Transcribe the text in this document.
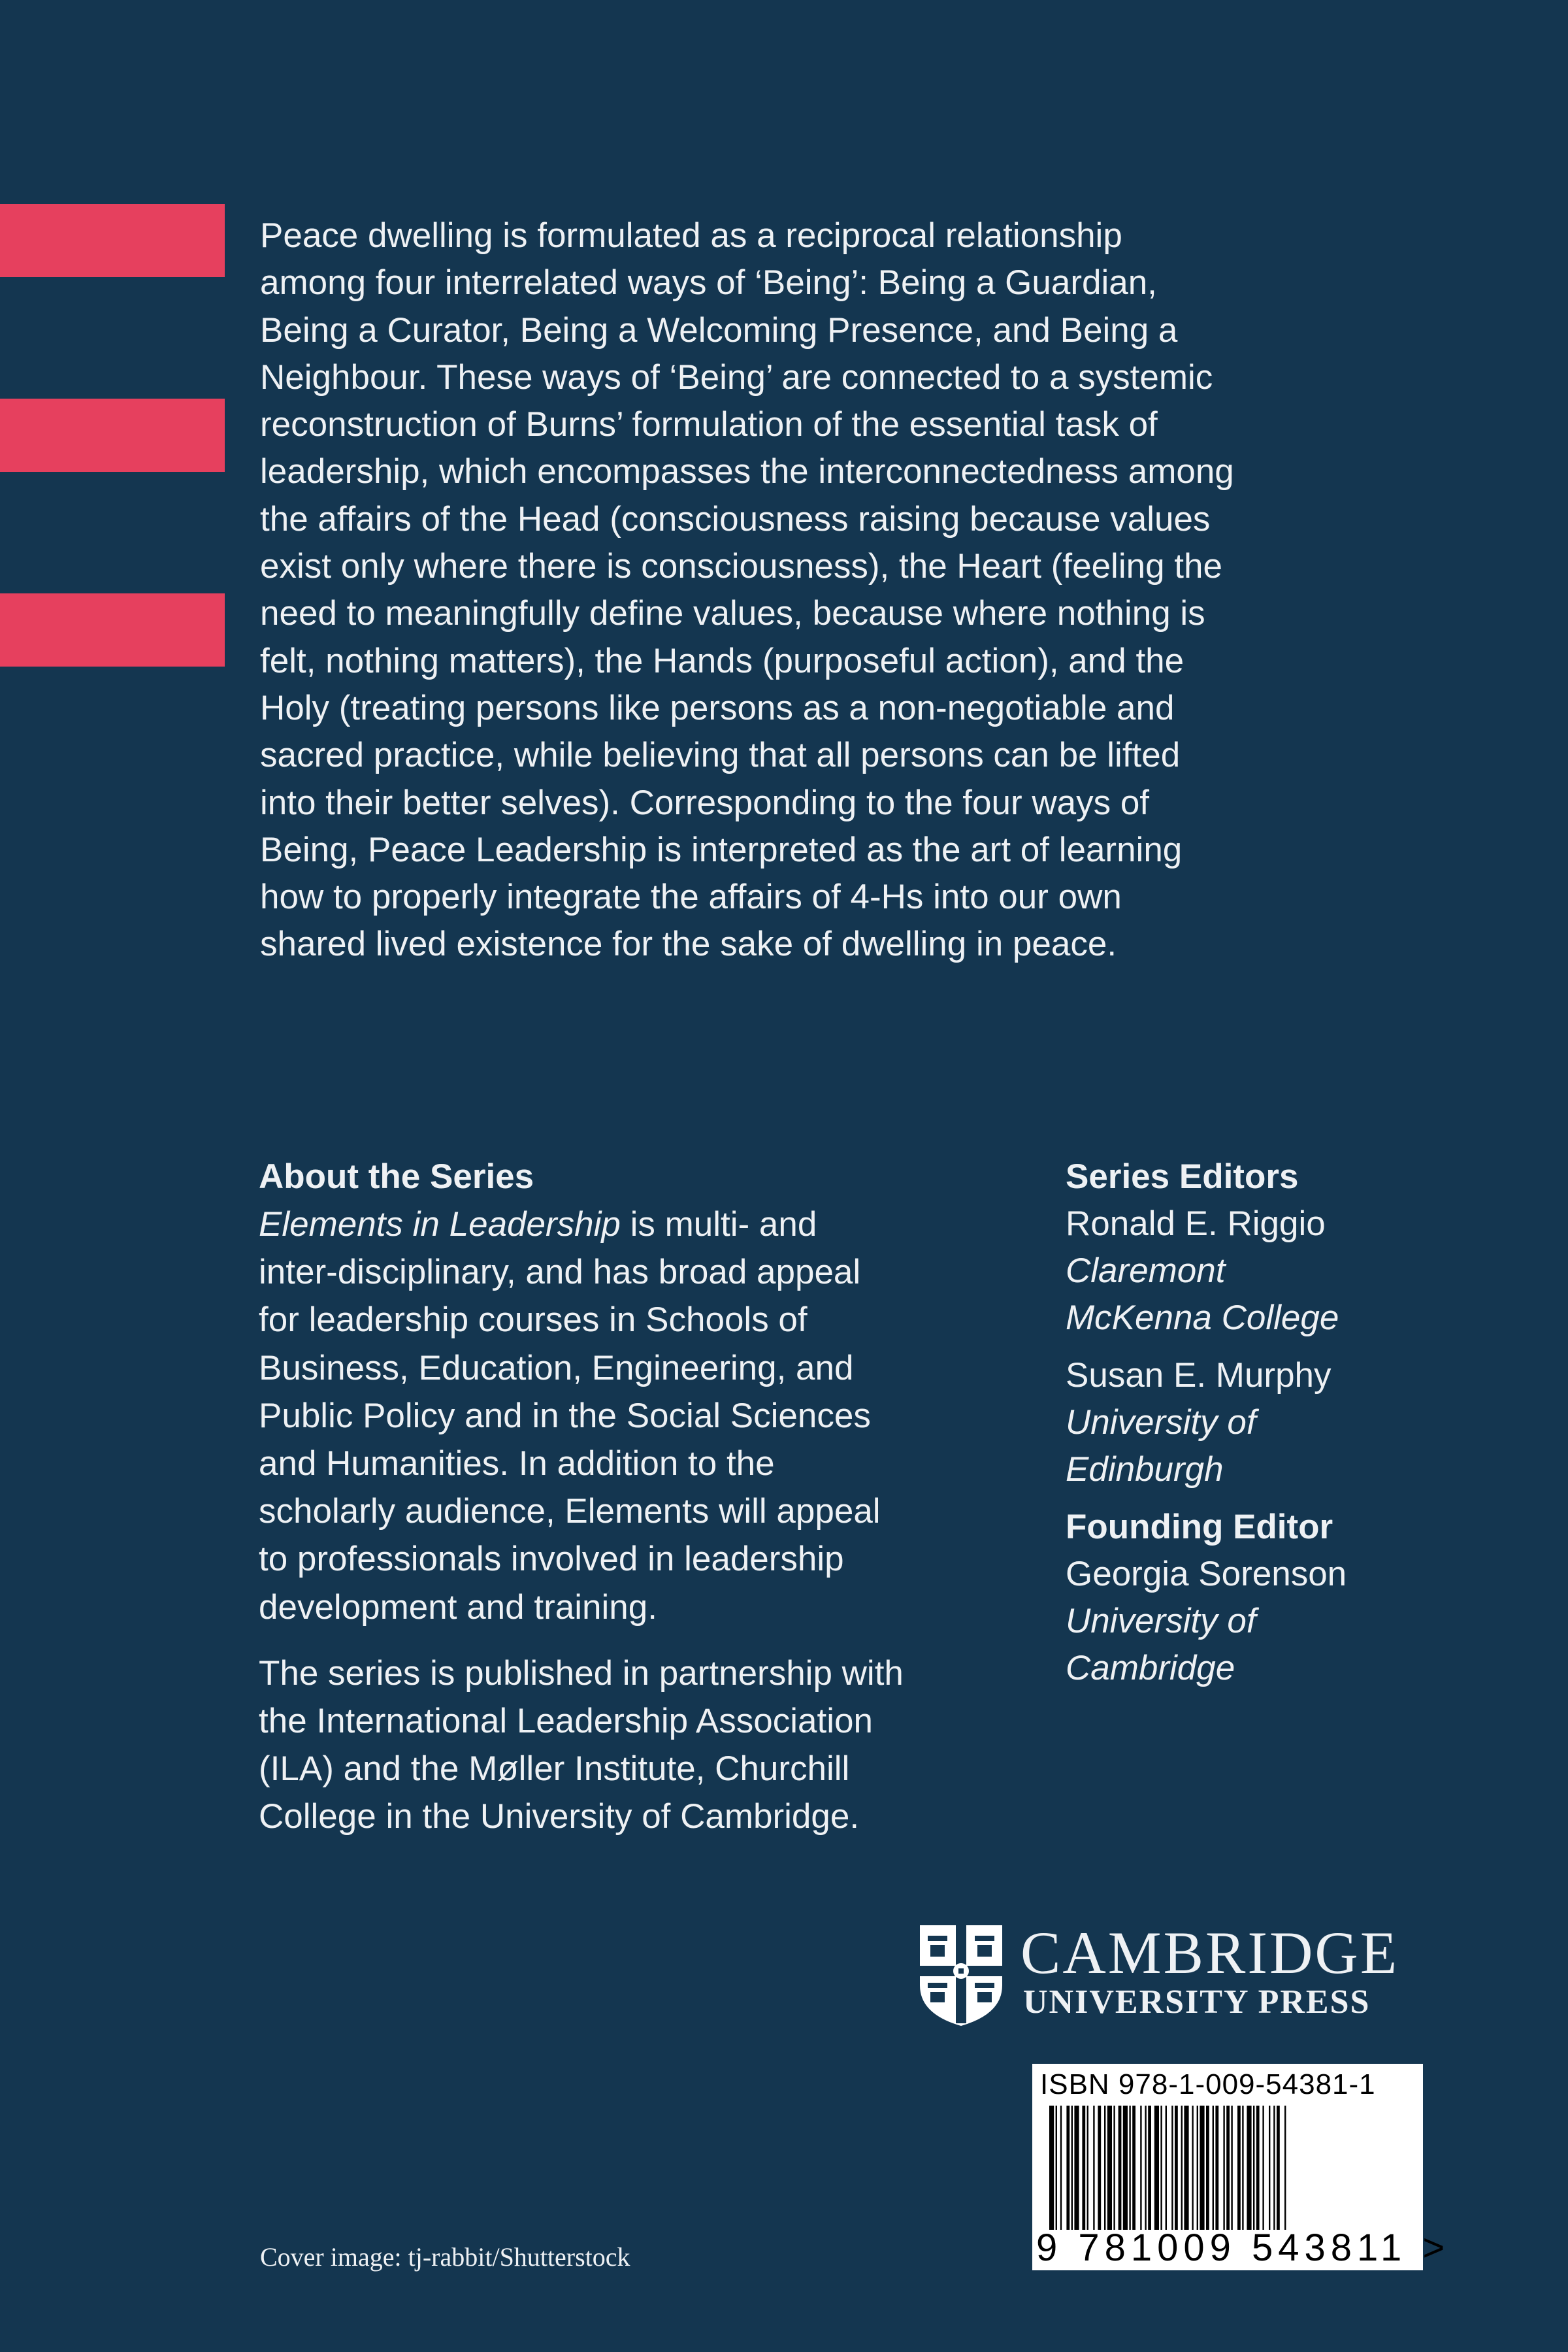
Peace dwelling is formulated as a reciprocal relationship
among four interrelated ways of ‘Being’: Being a Guardian,
Being a Curator, Being a Welcoming Presence, and Being a
Neighbour. These ways of ‘Being’ are connected to a systemic
reconstruction of Burns’ formulation of the essential task of
leadership, which encompasses the interconnectedness among
the affairs of the Head (consciousness raising because values
exist only where there is consciousness), the Heart (feeling the
need to meaningfully define values, because where nothing is
felt, nothing matters), the Hands (purposeful action), and the
Holy (treating persons like persons as a non-negotiable and
sacred practice, while believing that all persons can be lifted
into their better selves). Corresponding to the four ways of
Being, Peace Leadership is interpreted as the art of learning
how to properly integrate the affairs of 4-Hs into our own
shared lived existence for the sake of dwelling in peace.

About the Series

Elements in Leadership is multi- and
inter-disciplinary, and has broad appeal
for leadership courses in Schools of
Business, Education, Engineering, and
Public Policy and in the Social Sciences
and Humanities. In addition to the
scholarly audience, Elements will appeal
to professionals involved in leadership
development and training.

The series is published in partnership with
the International Leadership Association
(ILA) and the Møller Institute, Churchill
College in the University of Cambridge.

Series Editors
Ronald E. Riggio
Claremont
McKenna College
Susan E. Murphy
University of
Edinburgh
Founding Editor
Georgia Sorenson
University of
Cambridge
CAMBRIDGE
UNIVERSITY PRESS
ISBN 978-1-009-54381-1
9 781009 543811 >
Cover image: tj-rabbit/Shutterstock
